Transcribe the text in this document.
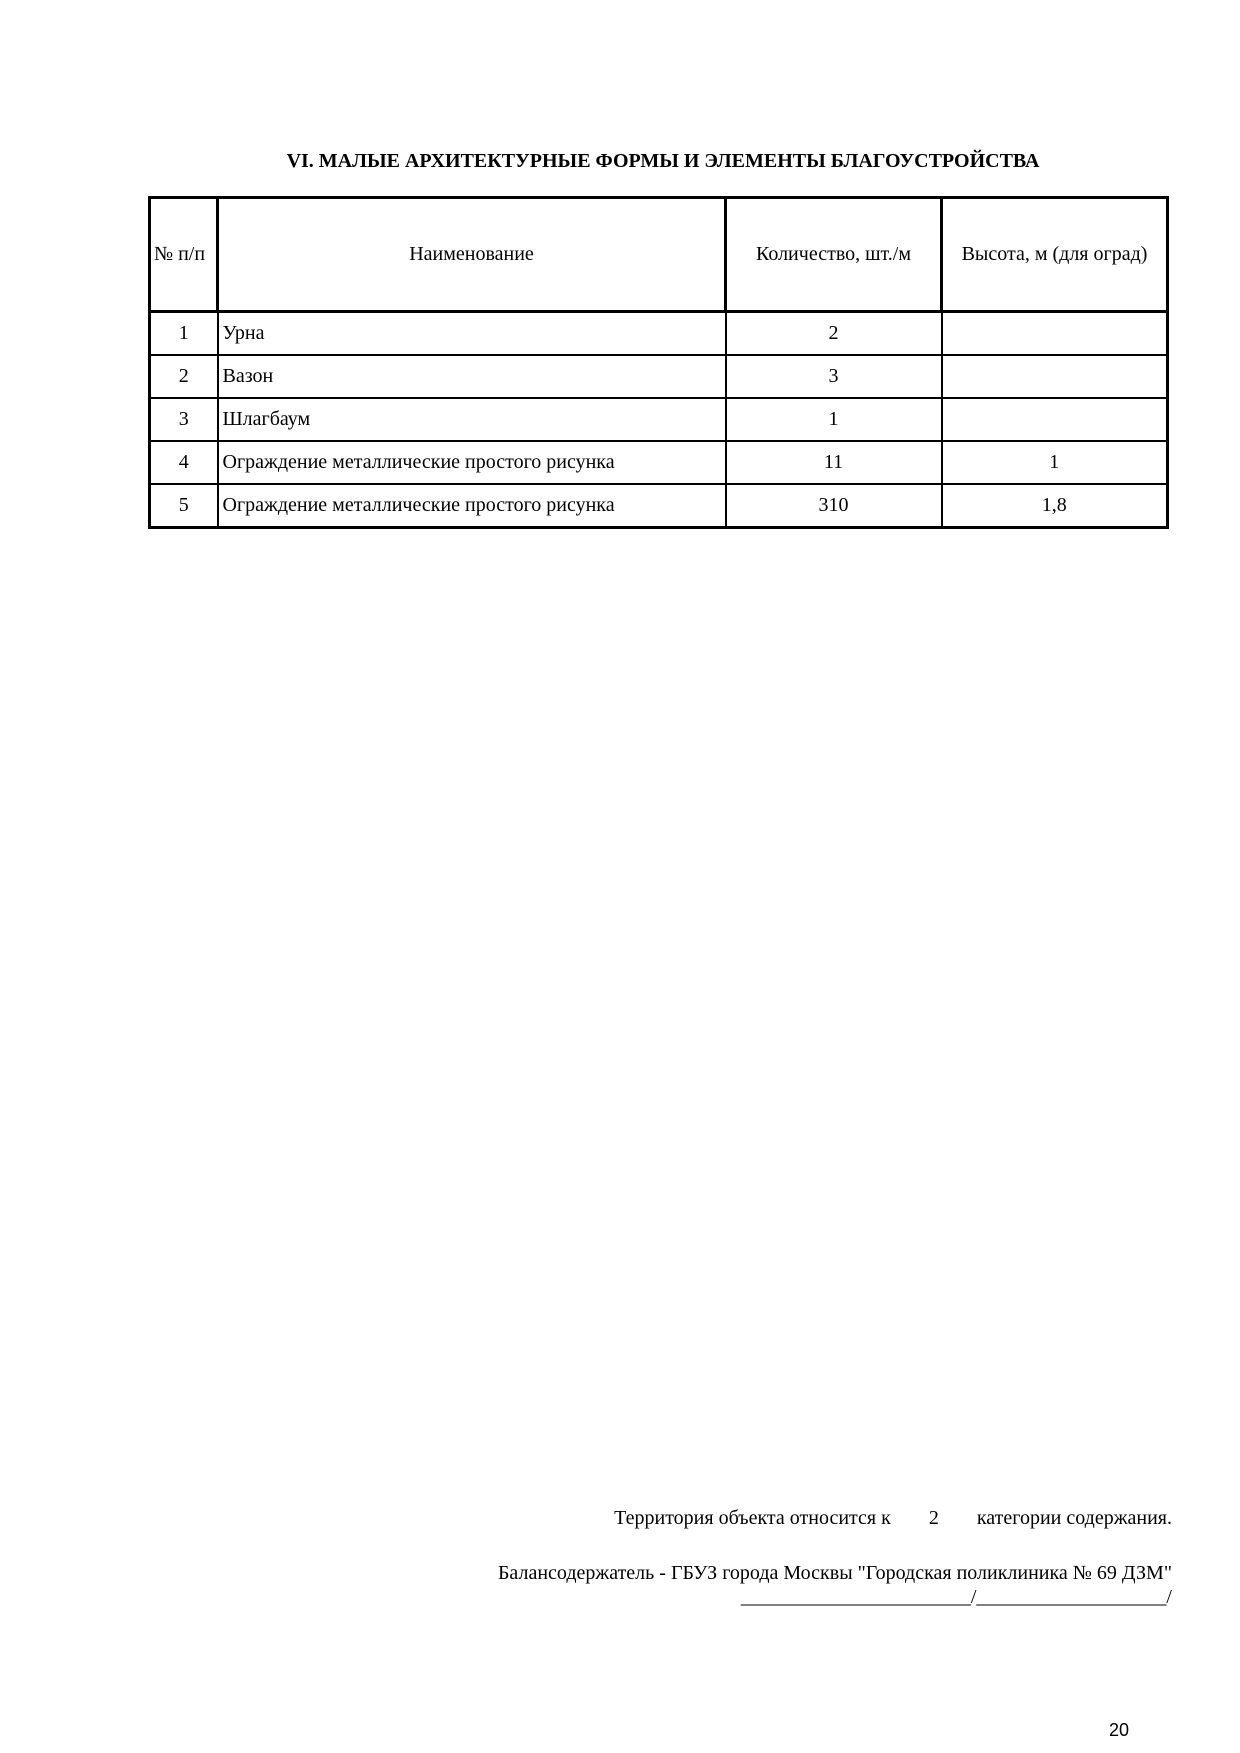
VI. МАЛЫЕ АРХИТЕКТУРНЫЕ ФОРМЫ И ЭЛЕМЕНТЫ БЛАГОУСТРОЙСТВА
№ п/п	Наименование	Количество, шт./м	Высота, м (для оград)
1	Урна	2	
2	Вазон	3	
3	Шлагбаум	1	
4	Ограждение металлические простого рисунка	11	1
5	Ограждение металлические простого рисунка	310	1,8
Территория объекта относится к 2 категории содержания.
Балансодержатель - ГБУЗ города Москвы "Городская поликлиника № 69 ДЗМ"
_______________________/___________________/
20
